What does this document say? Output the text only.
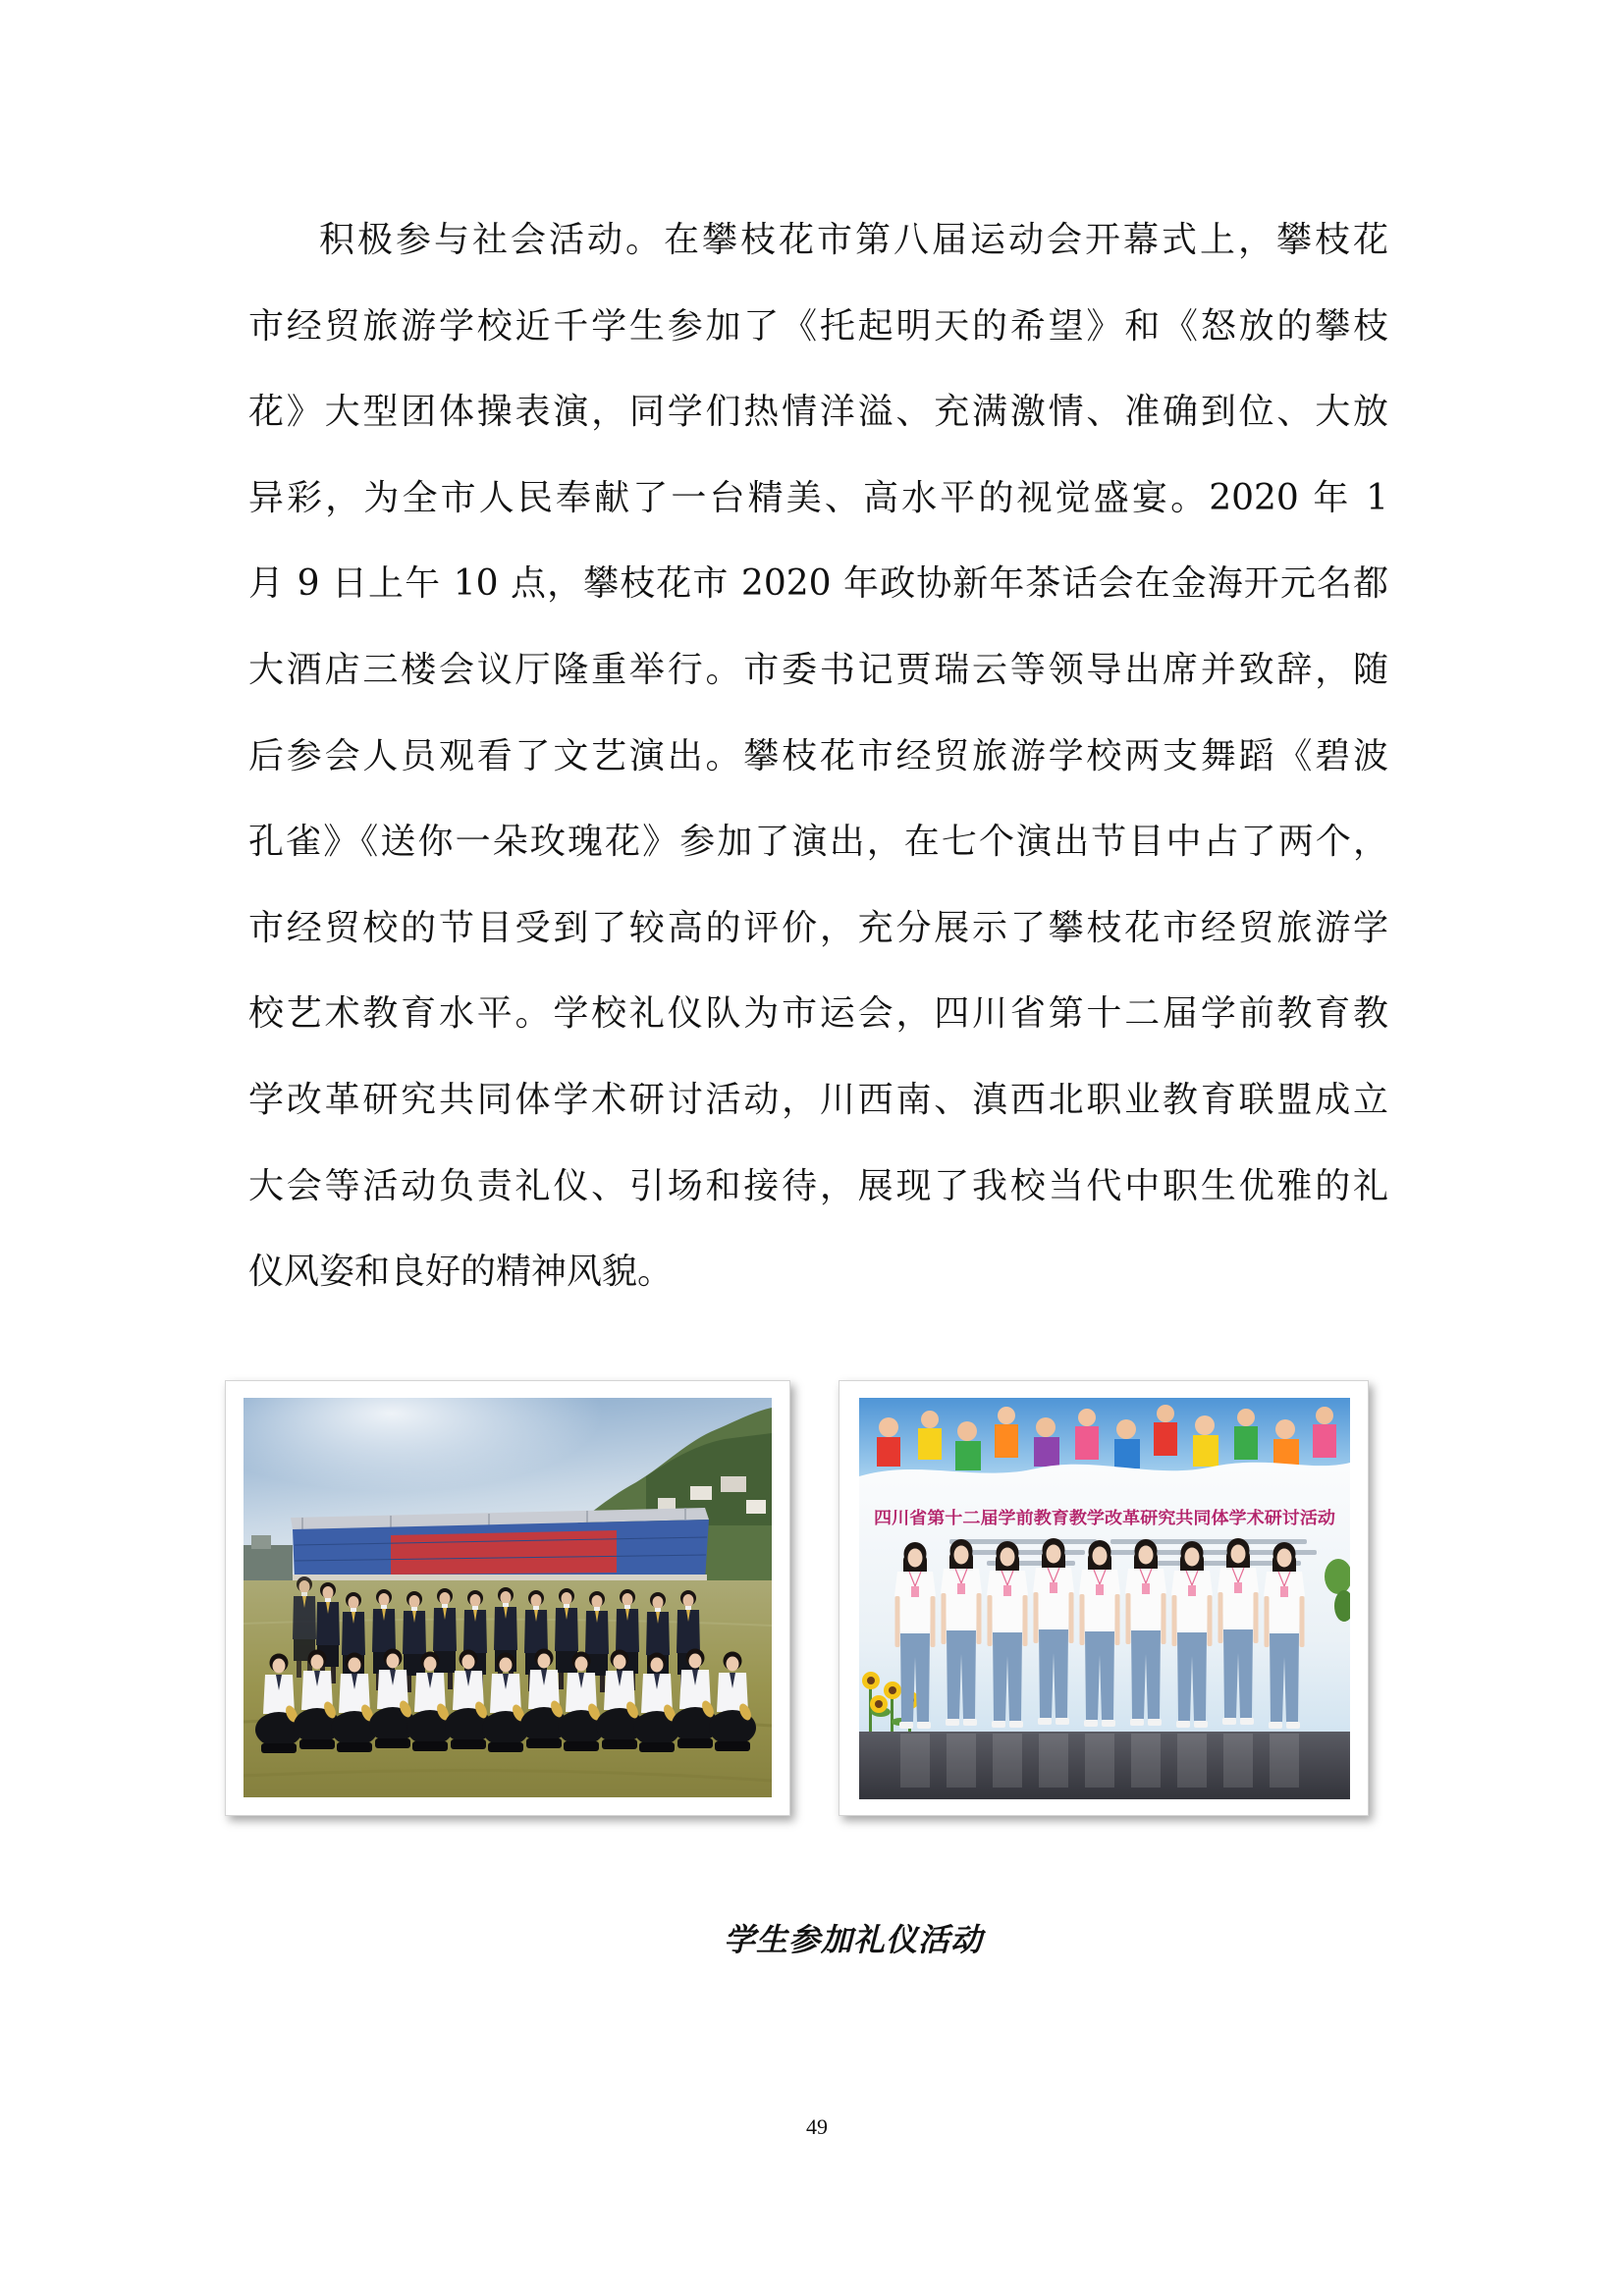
积极参与社会活动。在攀枝花市第八届运动会开幕式上，攀枝花
市经贸旅游学校近千学生参加了《托起明天的希望》和《怒放的攀枝
花》大型团体操表演，同学们热情洋溢、充满激情、准确到位、大放
异彩，为全市人民奉献了一台精美、高水平的视觉盛宴。2020 年 1
月 9 日上午 10 点，攀枝花市 2020 年政协新年茶话会在金海开元名都
大酒店三楼会议厅隆重举行。市委书记贾瑞云等领导出席并致辞，随
后参会人员观看了文艺演出。攀枝花市经贸旅游学校两支舞蹈《碧波
孔雀》《送你一朵玫瑰花》参加了演出，在七个演出节目中占了两个，
市经贸校的节目受到了较高的评价，充分展示了攀枝花市经贸旅游学
校艺术教育水平。学校礼仪队为市运会，四川省第十二届学前教育教
学改革研究共同体学术研讨活动，川西南、滇西北职业教育联盟成立
大会等活动负责礼仪、引场和接待，展现了我校当代中职生优雅的礼
仪风姿和良好的精神风貌。
四川省第十二届学前教育教学改革研究共同体学术研讨活动
学生参加礼仪活动
49
